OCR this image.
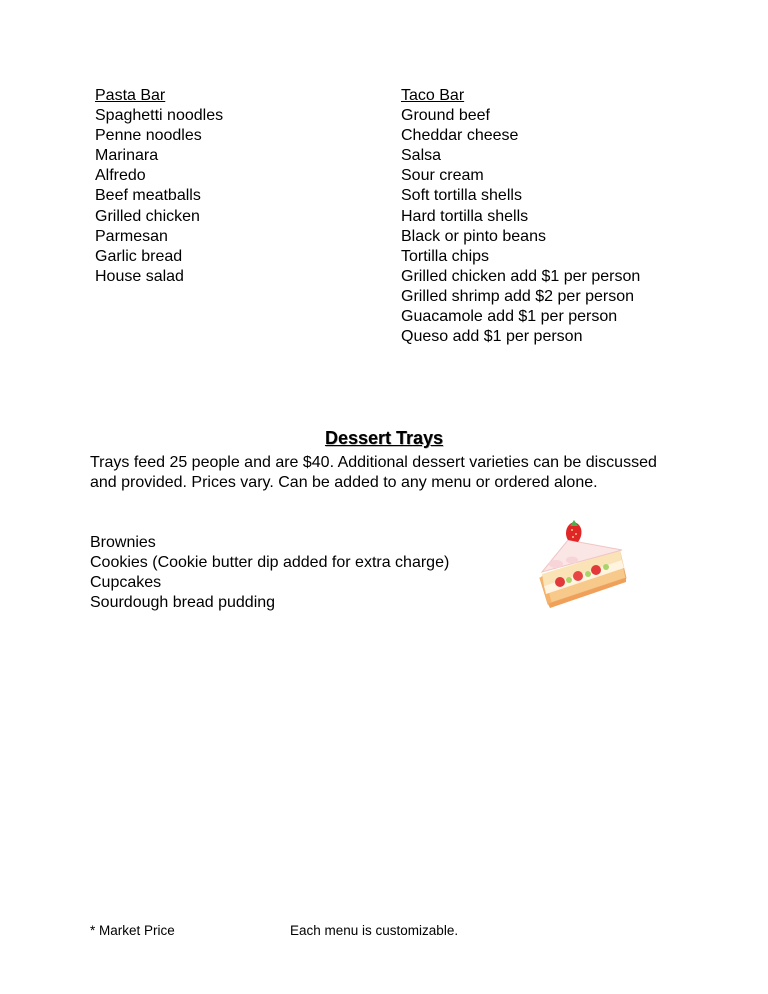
Pasta Bar
Spaghetti noodles
Penne noodles
Marinara
Alfredo
Beef meatballs
Grilled chicken
Parmesan
Garlic bread
House salad
Taco Bar
Ground beef
Cheddar cheese
Salsa
Sour cream
Soft tortilla shells
Hard tortilla shells
Black or pinto beans
Tortilla chips
Grilled chicken add $1 per person
Grilled shrimp add $2 per person
Guacamole add $1 per person
Queso add $1 per person
Dessert Trays
Trays feed 25 people and are $40. Additional dessert varieties can be discussed and provided. Prices vary. Can be added to any menu or ordered alone.
Brownies
Cookies (Cookie butter dip added for extra charge)
Cupcakes
Sourdough bread pudding
* Market Price	Each menu is customizable.
